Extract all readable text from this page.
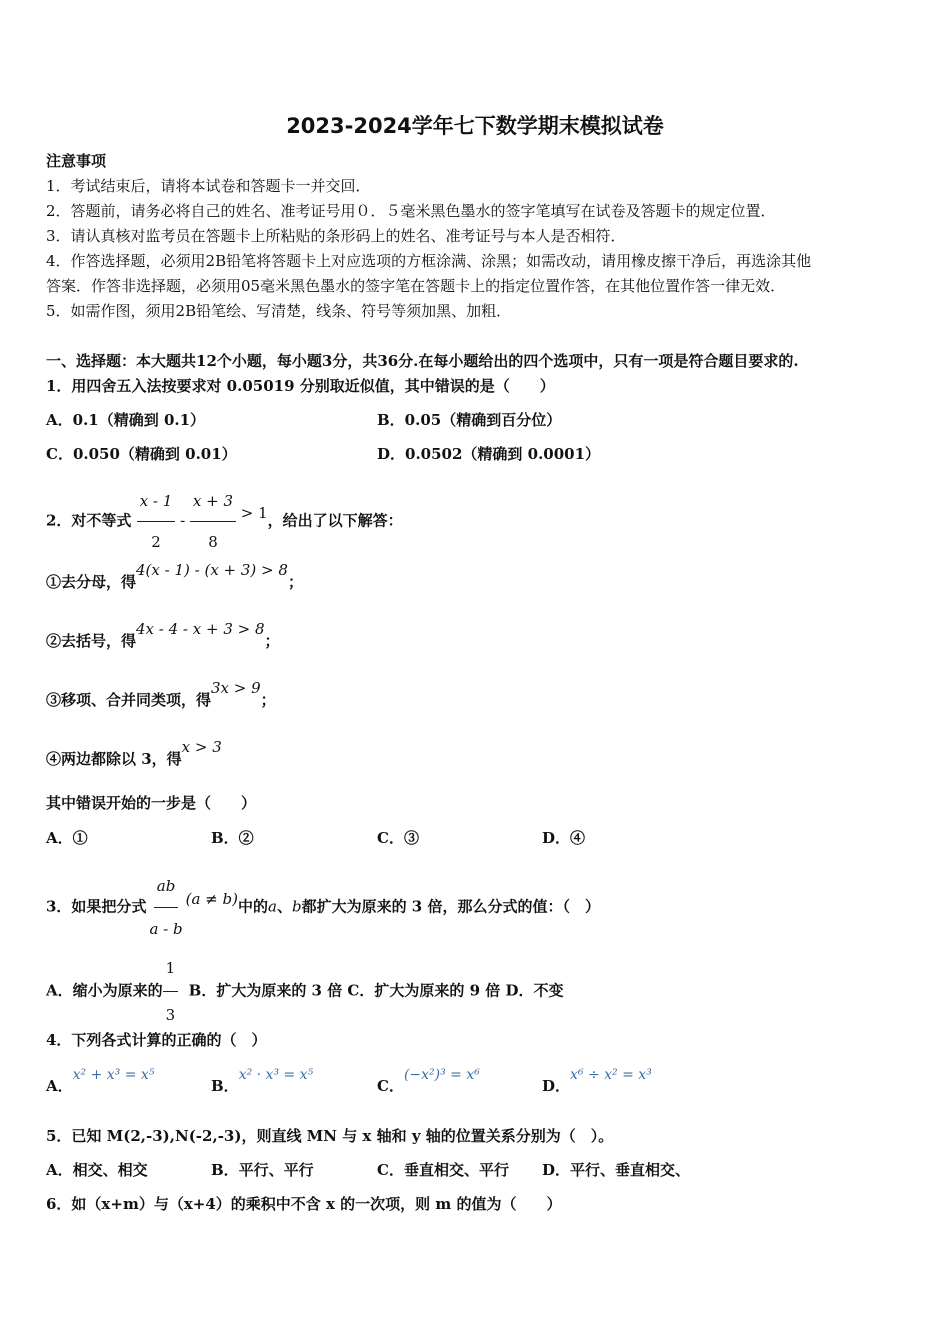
2023-2024学年七下数学期末模拟试卷
注意事项
1．考试结束后，请将本试卷和答题卡一并交回．
2．答题前，请务必将自己的姓名、准考证号用０．５毫米黑色墨水的签字笔填写在试卷及答题卡的规定位置．
3．请认真核对监考员在答题卡上所粘贴的条形码上的姓名、准考证号与本人是否相符．
4．作答选择题，必须用2B铅笔将答题卡上对应选项的方框涂满、涂黑；如需改动，请用橡皮擦干净后，再选涂其他
答案．作答非选择题，必须用05毫米黑色墨水的签字笔在答题卡上的指定位置作答，在其他位置作答一律无效．
5．如需作图，须用2B铅笔绘、写清楚，线条、符号等须加黑、加粗．
一、选择题：本大题共12个小题，每小题3分，共36分.在每小题给出的四个选项中，只有一项是符合题目要求的.
1．用四舍五入法按要求对 0.05019 分别取近似值，其中错误的是（　　）
A．0.1（精确到 0.1）	B．0.05（精确到百分位）
C．0.050（精确到 0.01）	D．0.0502（精确到 0.0001）
2．对不等式 $\frac{x - 1}{2} - \frac{x + 3}{8} > 1$，给出了以下解答：
①去分母，得4(x - 1) - (x + 3) > 8；
②去括号，得4x - 4 - x + 3 > 8；
③移项、合并同类项，得3x > 9；
④两边都除以 3，得x > 3
其中错误开始的一步是（　　）
A．①	B．②	C．③	D．④
3．如果把分式 $\frac{ab}{a - b} (a \ne b)$中的a、b都扩大为原来的 3 倍，那么分式的值：（　）
A．缩小为原来的 $\frac{1}{3}$ B．扩大为原来的 3 倍 C．扩大为原来的 9 倍 D．不变
4．下列各式计算的正确的（　）
A．x² + x³ = x⁵
B．x² · x³ = x⁵
C．(−x²)³ = x⁶
D．x⁶ ÷ x² = x³
5．已知 M(2,-3),N(-2,-3)，则直线 MN 与 x 轴和 y 轴的位置关系分别为（　）。
A．相交、相交	B．平行、平行	C．垂直相交、平行 D．平行、垂直相交、
6．如（x+m）与（x+4）的乘积中不含 x 的一次项，则 m 的值为（　　）
